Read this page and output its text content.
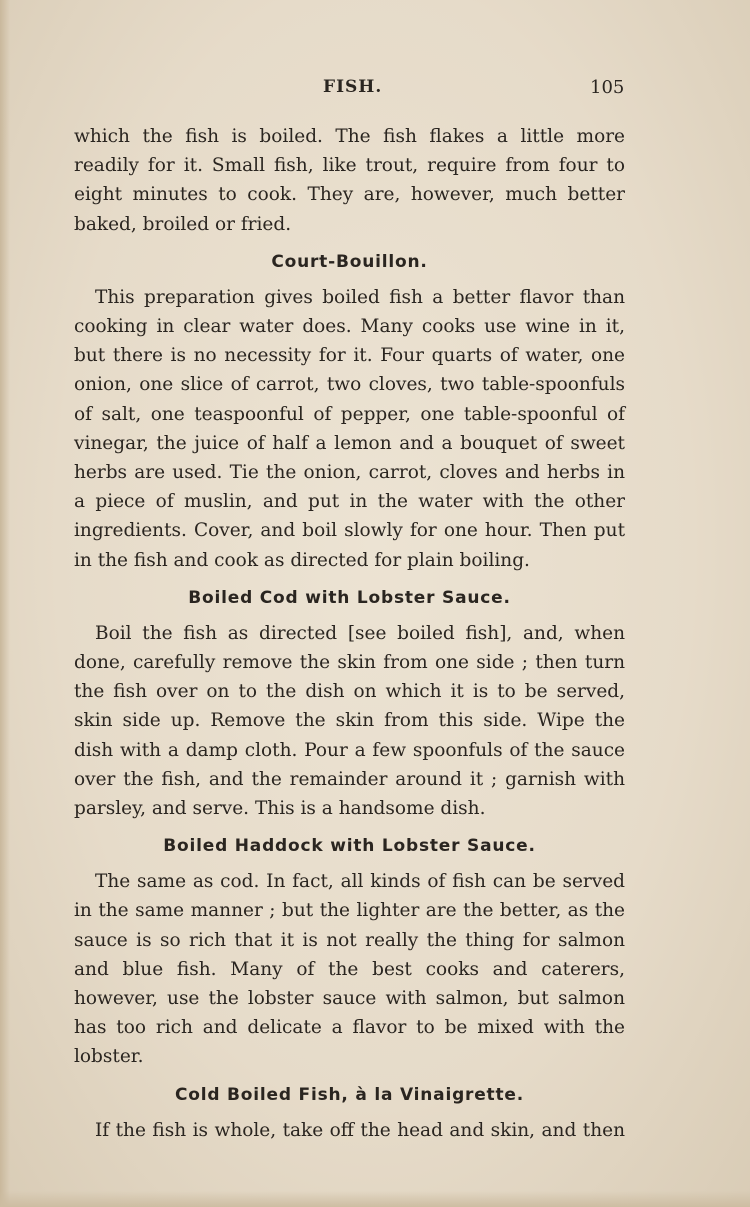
FISH.	105

which the fish is boiled. The fish flakes a little more readily for it. Small fish, like trout, require from four to eight minutes to cook. They are, however, much better baked, broiled or fried.

Court-Bouillon.

This preparation gives boiled fish a better flavor than cooking in clear water does. Many cooks use wine in it, but there is no necessity for it. Four quarts of water, one onion, one slice of carrot, two cloves, two table-spoonfuls of salt, one teaspoonful of pepper, one table-spoonful of vinegar, the juice of half a lemon and a bouquet of sweet herbs are used. Tie the onion, carrot, cloves and herbs in a piece of muslin, and put in the water with the other ingredients. Cover, and boil slowly for one hour. Then put in the fish and cook as directed for plain boiling.

Boiled Cod with Lobster Sauce.

Boil the fish as directed [see boiled fish], and, when done, carefully remove the skin from one side ; then turn the fish over on to the dish on which it is to be served, skin side up. Remove the skin from this side. Wipe the dish with a damp cloth. Pour a few spoonfuls of the sauce over the fish, and the remainder around it ; garnish with parsley, and serve. This is a handsome dish.

Boiled Haddock with Lobster Sauce.

The same as cod. In fact, all kinds of fish can be served in the same manner ; but the lighter are the better, as the sauce is so rich that it is not really the thing for salmon and blue fish. Many of the best cooks and caterers, however, use the lobster sauce with salmon, but salmon has too rich and delicate a flavor to be mixed with the lobster.

Cold Boiled Fish, à la Vinaigrette.

If the fish is whole, take off the head and skin, and then
